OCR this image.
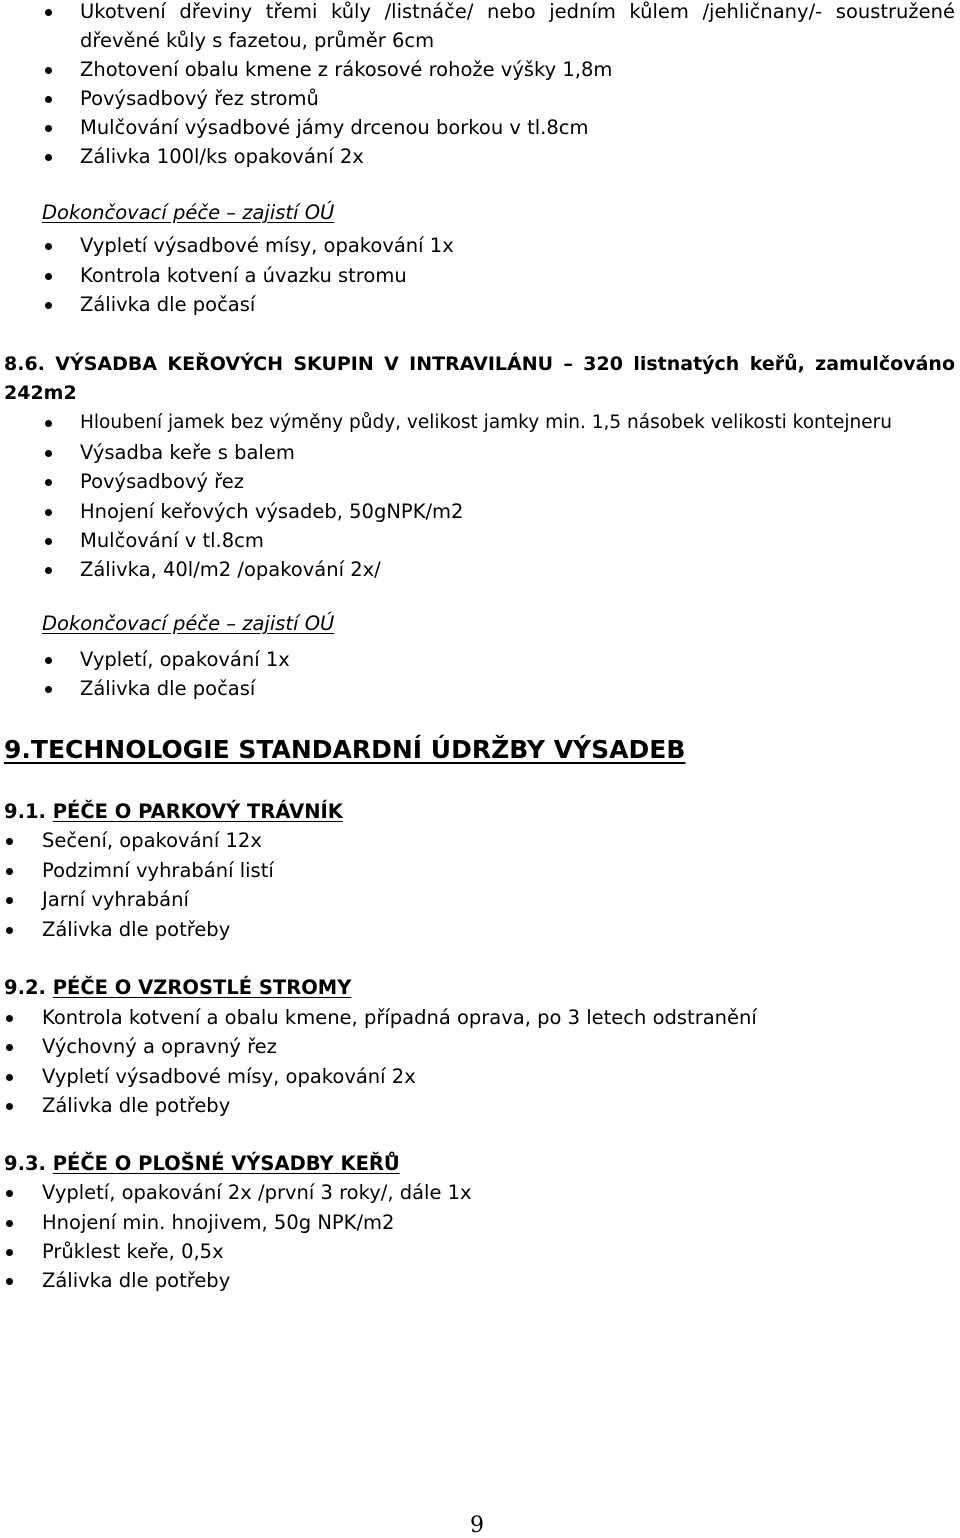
Ukotvení dřeviny třemi kůly /listnáče/ nebo jedním kůlem /jehličnany/- soustružené
dřevěné kůly s fazetou, průměr 6cm
Zhotovení obalu kmene z rákosové rohože výšky 1,8m
Povýsadbový řez stromů
Mulčování výsadbové jámy drcenou borkou v tl.8cm
Zálivka 100l/ks opakování 2x
Dokončovací péče – zajistí OÚ
Vypletí výsadbové mísy, opakování 1x
Kontrola kotvení a úvazku stromu
Zálivka dle počasí
8.6. VÝSADBA KEŘOVÝCH SKUPIN V INTRAVILÁNU – 320 listnatých keřů, zamulčováno
242m2
Hloubení jamek bez výměny půdy, velikost jamky min. 1,5 násobek velikosti kontejneru
Výsadba keře s balem
Povýsadbový řez
Hnojení keřových výsadeb, 50gNPK/m2
Mulčování v tl.8cm
Zálivka, 40l/m2 /opakování 2x/
Dokončovací péče – zajistí OÚ
Vypletí, opakování 1x
Zálivka dle počasí
9.TECHNOLOGIE STANDARDNÍ ÚDRŽBY VÝSADEB
9.1. PÉČE O PARKOVÝ TRÁVNÍK
Sečení, opakování 12x
Podzimní vyhrabání listí
Jarní vyhrabání
Zálivka dle potřeby
9.2. PÉČE O VZROSTLÉ STROMY
Kontrola kotvení a obalu kmene, případná oprava, po 3 letech odstranění
Výchovný a opravný řez
Vypletí výsadbové mísy, opakování 2x
Zálivka dle potřeby
9.3. PÉČE O PLOŠNÉ VÝSADBY KEŘŮ
Vypletí, opakování 2x /první 3 roky/, dále 1x
Hnojení min. hnojivem, 50g NPK/m2
Průklest keře, 0,5x
Zálivka dle potřeby
9
